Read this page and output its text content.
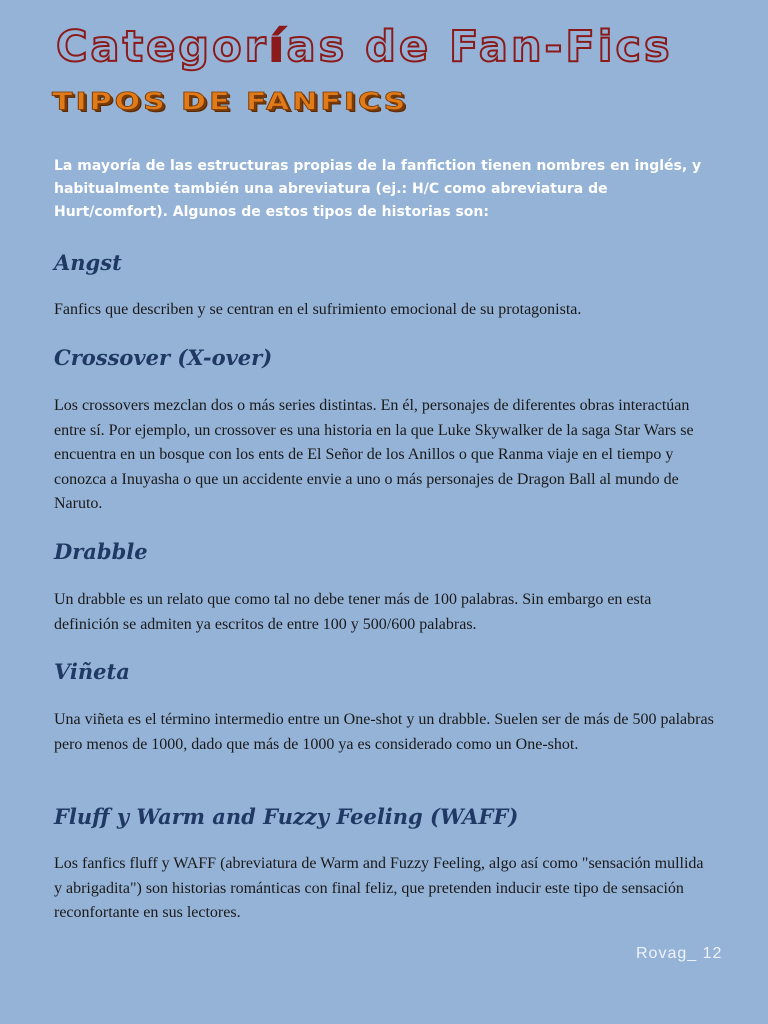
Categorías de Fan-Fics
TIPOS DE FANFICS
La mayoría de las estructuras propias de la fanfiction tienen nombres en inglés, y habitualmente también una abreviatura (ej.: H/C como abreviatura de Hurt/comfort). Algunos de estos tipos de historias son:
Angst
Fanfics que describen y se centran en el sufrimiento emocional de su protagonista.
Crossover (X-over)
Los crossovers mezclan dos o más series distintas. En él, personajes de diferentes obras interactúan entre sí. Por ejemplo, un crossover es una historia en la que Luke Skywalker de la saga Star Wars se encuentra en un bosque con los ents de El Señor de los Anillos o que Ranma viaje en el tiempo y conozca a Inuyasha o que un accidente envie a uno o más personajes de Dragon Ball al mundo de Naruto.
Drabble
Un drabble es un relato que como tal no debe tener más de 100 palabras. Sin embargo en esta definición se admiten ya escritos de entre 100 y 500/600 palabras.
Viñeta
Una viñeta es el término intermedio entre un One-shot y un drabble. Suelen ser de más de 500 palabras pero menos de 1000, dado que más de 1000 ya es considerado como un One-shot.
Fluff y Warm and Fuzzy Feeling (WAFF)
Los fanfics fluff y WAFF (abreviatura de Warm and Fuzzy Feeling, algo así como "sensación mullida y abrigadita") son historias románticas con final feliz, que pretenden inducir este tipo de sensación reconfortante en sus lectores.
Rovag_ 12
